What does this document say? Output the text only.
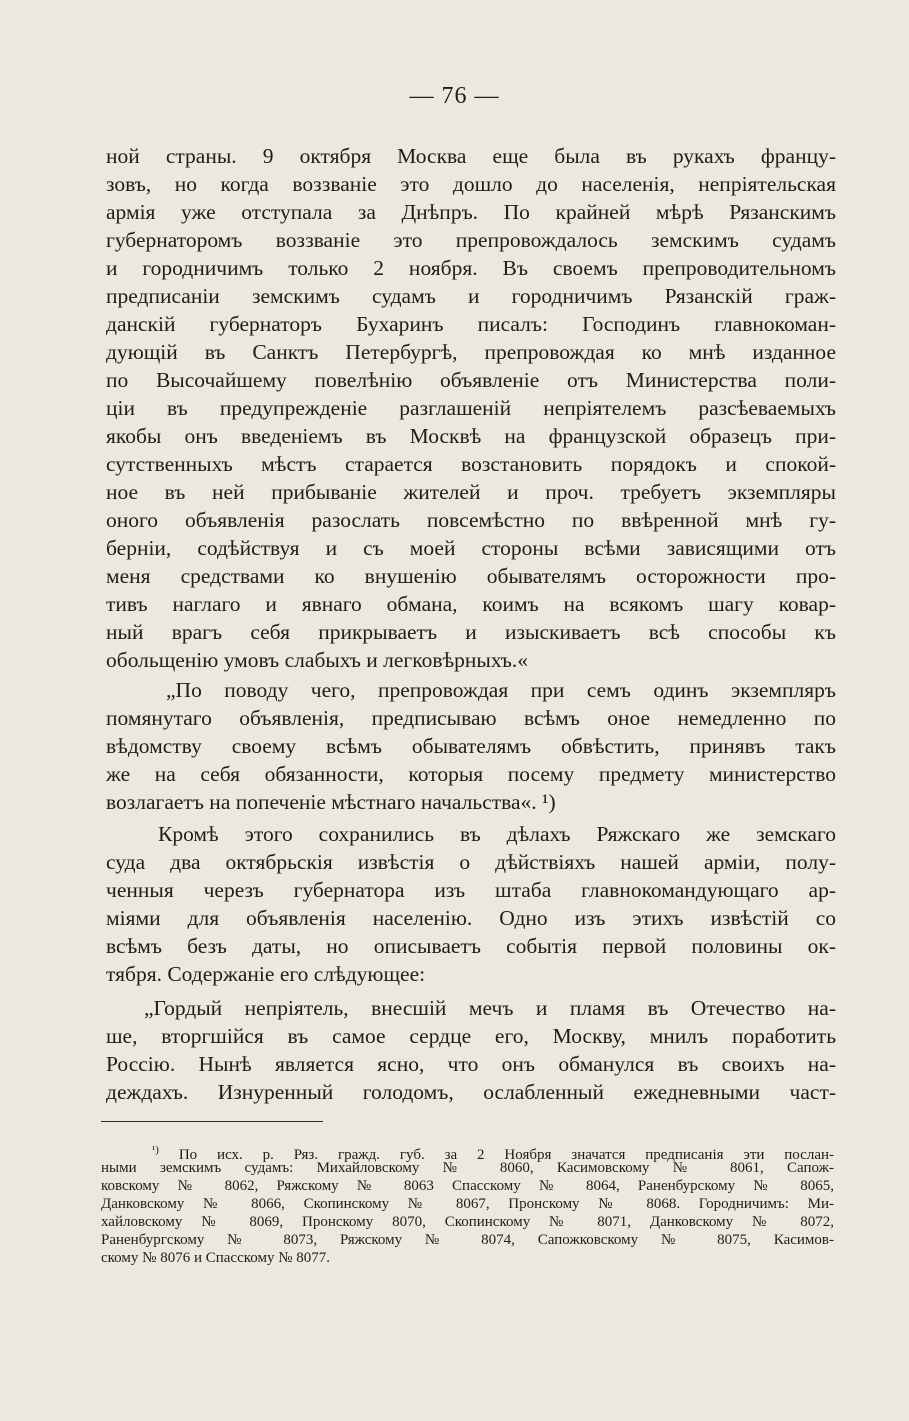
— 76 —
ной страны. 9 октября Москва еще была въ рукахъ францу-
зовъ, но когда воззваніе это дошло до населенія, непріятельская
армія уже отступала за Днѣпръ. По крайней мѣрѣ Рязанскимъ
губернаторомъ воззваніе это препровождалось земскимъ судамъ
и городничимъ только 2 ноября. Въ своемъ препроводительномъ
предписаніи земскимъ судамъ и городничимъ Рязанскій граж-
данскій губернаторъ Бухаринъ писалъ: Господинъ главнокоман-
дующій въ Санктъ Петербургѣ, препровождая ко мнѣ изданное
по Высочайшему повелѣнію объявленіе отъ Министерства поли-
ціи въ предупрежденіе разглашеній непріятелемъ разсѣеваемыхъ
якобы онъ введеніемъ въ Москвѣ на французской образецъ при-
сутственныхъ мѣстъ старается возстановить порядокъ и спокой-
ное въ ней прибываніе жителей и проч. требуетъ экземпляры
оного объявленія разослать повсемѣстно по ввѣренной мнѣ гу-
берніи, содѣйствуя и съ моей стороны всѣми зависящими отъ
меня средствами ко внушенію обывателямъ осторожности про-
тивъ наглаго и явнаго обмана, коимъ на всякомъ шагу ковар-
ный врагъ себя прикрываетъ и изыскиваетъ всѣ способы къ
обольщенію умовъ слабыхъ и легковѣрныхъ.«
„По поводу чего, препровождая при семъ одинъ экземпляръ
помянутаго объявленія, предписываю всѣмъ оное немедленно по
вѣдомству своему всѣмъ обывателямъ обвѣстить, принявъ такъ
же на себя обязанности, которыя посему предмету министерство
возлагаетъ на попеченіе мѣстнаго начальства«. ¹)
Кромѣ этого сохранились въ дѣлахъ Ряжскаго же земскаго
суда два октябрьскія извѣстія о дѣйствіяхъ нашей арміи, полу-
ченныя черезъ губернатора изъ штаба главнокомандующаго ар-
міями для объявленія населенію. Одно изъ этихъ извѣстій со
всѣмъ безъ даты, но описываетъ событія первой половины ок-
тября. Содержаніе его слѣдующее:
„Гордый непріятель, внесшій мечъ и пламя въ Отечество на-
ше, вторгшійся въ самое сердце его, Москву, мнилъ поработить
Россію. Нынѣ является ясно, что онъ обманулся въ своихъ на-
деждахъ. Изнуренный голодомъ, ослабленный ежедневными част-
$^{^1)}$ По исх. р. Ряз. гражд. губ. за 2 Ноября значатся предписанія эти послан-
ными земскимъ судамъ: Михайловскому № 8060, Касимовскому № 8061, Сапож-
ковскому № 8062, Ряжскому № 8063 Спасскому № 8064, Раненбурскому № 8065,
Данковскому № 8066, Скопинскому № 8067, Пронскому № 8068. Городничимъ: Ми-
хайловскому № 8069, Пронскому 8070, Скопинскому № 8071, Данковскому № 8072,
Раненбургскому № 8073, Ряжскому № 8074, Сапожковскому № 8075, Касимов-
скому № 8076 и Спасскому № 8077.
